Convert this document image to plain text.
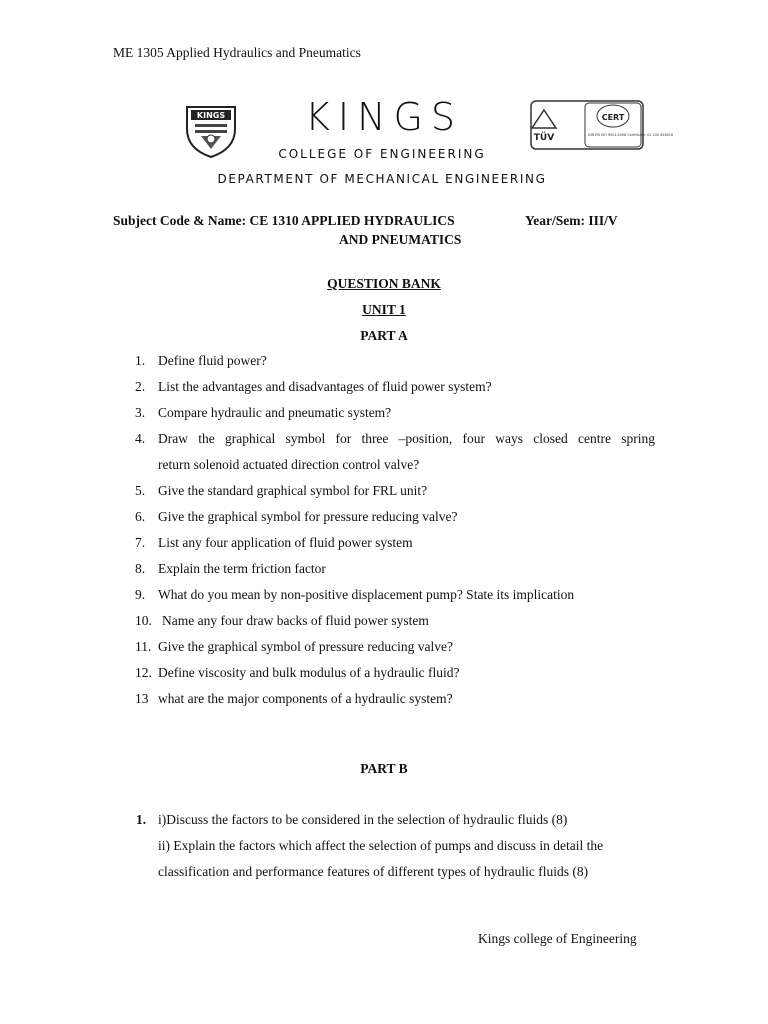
ME 1305 Applied Hydraulics and Pneumatics
KINGS	KINGS
COLLEGE OF ENGINEERING
DEPARTMENT OF MECHANICAL ENGINEERING
TÜV
CERT
DIN EN ISO 9001:2008 Certificate: 01 100 058018
Subject Code & Name: CE 1310 APPLIED HYDRAULICS	Year/Sem: III/V
AND PNEUMATICS
QUESTION BANK
UNIT 1
PART A
1. Define fluid power?
2. List the advantages and disadvantages of fluid power system?
3. Compare hydraulic and pneumatic system?
4. Draw the graphical symbol for three –position, four ways closed centre spring
return solenoid actuated direction control valve?
5. Give the standard graphical symbol for FRL unit?
6. Give the graphical symbol for pressure reducing valve?
7. List any four application of fluid power system
8. Explain the term friction factor
9. What do you mean by non-positive displacement pump? State its implication
10. Name any four draw backs of fluid power system
11. Give the graphical symbol of pressure reducing valve?
12. Define viscosity and bulk modulus of a hydraulic fluid?
13 what are the major components of a hydraulic system?
PART B
1. i)Discuss the factors to be considered in the selection of hydraulic fluids (8)
ii) Explain the factors which affect the selection of pumps and discuss in detail the
classification and performance features of different types of hydraulic fluids (8)
Kings college of Engineering
